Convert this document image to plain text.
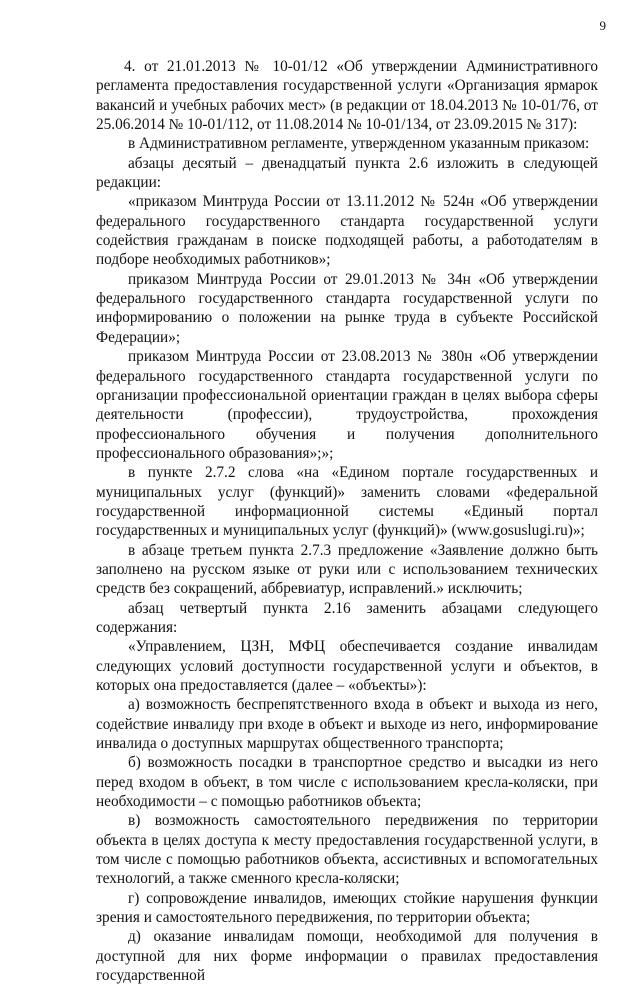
9

4. от 21.01.2013 № 10-01/12 «Об утверждении Административного регламента предоставления государственной услуги «Организация ярмарок вакансий и учебных рабочих мест» (в редакции от 18.04.2013 № 10-01/76, от 25.06.2014 № 10-01/112, от 11.08.2014 № 10-01/134, от 23.09.2015 № 317):

в Административном регламенте, утвержденном указанным приказом:

абзацы десятый – двенадцатый пункта 2.6 изложить в следующей редакции:

«приказом Минтруда России от 13.11.2012 № 524н «Об утверждении федерального государственного стандарта государственной услуги содействия гражданам в поиске подходящей работы, а работодателям в подборе необходимых работников»;

приказом Минтруда России от 29.01.2013 № 34н «Об утверждении федерального государственного стандарта государственной услуги по информированию о положении на рынке труда в субъекте Российской Федерации»;

приказом Минтруда России от 23.08.2013 № 380н «Об утверждении федерального государственного стандарта государственной услуги по организации профессиональной ориентации граждан в целях выбора сферы деятельности (профессии), трудоустройства, прохождения профессионального обучения и получения дополнительного профессионального образования»;»;

в пункте 2.7.2 слова «на «Едином портале государственных и муниципальных услуг (функций)» заменить словами «федеральной государственной информационной системы «Единый портал государственных и муниципальных услуг (функций)» (www.gosuslugi.ru)»;

в абзаце третьем пункта 2.7.3 предложение «Заявление должно быть заполнено на русском языке от руки или с использованием технических средств без сокращений, аббревиатур, исправлений.» исключить;

абзац четвертый пункта 2.16 заменить абзацами следующего содержания:

«Управлением, ЦЗН, МФЦ обеспечивается создание инвалидам следующих условий доступности государственной услуги и объектов, в которых она предоставляется (далее – «объекты»):

а) возможность беспрепятственного входа в объект и выхода из него, содействие инвалиду при входе в объект и выходе из него, информирование инвалида о доступных маршрутах общественного транспорта;

б) возможность посадки в транспортное средство и высадки из него перед входом в объект, в том числе с использованием кресла-коляски, при необходимости – с помощью работников объекта;

в) возможность самостоятельного передвижения по территории объекта в целях доступа к месту предоставления государственной услуги, в том числе с помощью работников объекта, ассистивных и вспомогательных технологий, а также сменного кресла-коляски;

г) сопровождение инвалидов, имеющих стойкие нарушения функции зрения и самостоятельного передвижения, по территории объекта;

д) оказание инвалидам помощи, необходимой для получения в доступной для них форме информации о правилах предоставления государственной
